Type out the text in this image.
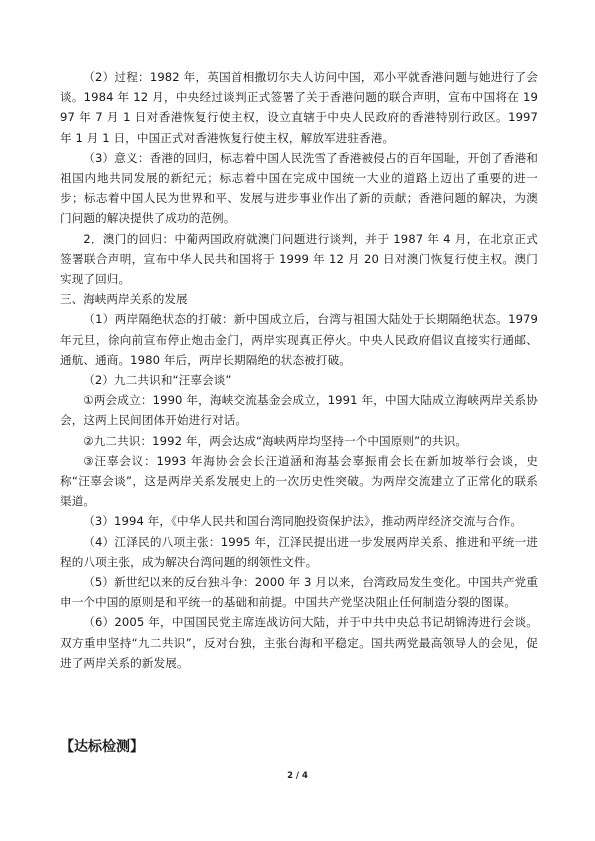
（2）过程：1982 年，英国首相撒切尔夫人访问中国，邓小平就香港问题与她进行了会谈。1984 年 12 月，中央经过谈判正式签署了关于香港问题的联合声明，宣布中国将在 1997 年 7 月 1 日对香港恢复行使主权，设立直辖于中央人民政府的香港特别行政区。1997 年 1 月 1 日，中国正式对香港恢复行使主权，解放军进驻香港。

（3）意义：香港的回归，标志着中国人民洗雪了香港被侵占的百年国耻，开创了香港和祖国内地共同发展的新纪元；标志着中国在完成中国统一大业的道路上迈出了重要的进一步；标志着中国人民为世界和平、发展与进步事业作出了新的贡献；香港问题的解决，为澳门问题的解决提供了成功的范例。

2．澳门的回归：中葡两国政府就澳门问题进行谈判，并于 1987 年 4 月，在北京正式签署联合声明，宣布中华人民共和国将于 1999 年 12 月 20 日对澳门恢复行使主权。澳门实现了回归。

三、海峡两岸关系的发展

（1）两岸隔绝状态的打破：新中国成立后，台湾与祖国大陆处于长期隔绝状态。1979 年元旦，徐向前宣布停止炮击金门，两岸实现真正停火。中央人民政府倡议直接实行通邮、通航、通商。1980 年后，两岸长期隔绝的状态被打破。

（2）九二共识和“汪辜会谈”

①两会成立：1990 年，海峡交流基金会成立，1991 年，中国大陆成立海峡两岸关系协会，这两上民间团体开始进行对话。

②九二共识：1992 年，两会达成“海峡两岸均坚持一个中国原则”的共识。

③汪辜会议：1993 年海协会会长汪道涵和海基会辜振甫会长在新加坡举行会谈，史称“汪辜会谈”，这是两岸关系发展史上的一次历史性突破。为两岸交流建立了正常化的联系渠道。

（3）1994 年，《中华人民共和国台湾同胞投资保护法》，推动两岸经济交流与合作。

（4）江泽民的八项主张：1995 年，江泽民提出进一步发展两岸关系、推进和平统一进程的八项主张，成为解决台湾问题的纲领性文件。

（5）新世纪以来的反台独斗争：2000 年 3 月以来，台湾政局发生变化。中国共产党重申一个中国的原则是和平统一的基础和前提。中国共产党坚决阻止任何制造分裂的图谋。

（6）2005 年，中国国民党主席连战访问大陆，并于中共中央总书记胡锦涛进行会谈。双方重申坚持“九二共识”，反对台独，主张台海和平稳定。国共两党最高领导人的会见，促进了两岸关系的新发展。

【达标检测】

2 / 4
